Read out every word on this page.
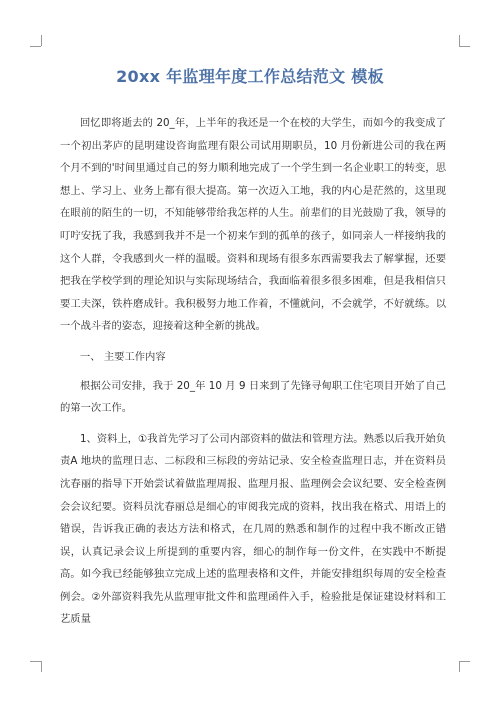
20xx 年监理年度工作总结范文 模板

回忆即将逝去的 20_年，上半年的我还是一个在校的大学生，而如今的我变成了一个初出茅庐的昆明建设咨询监理有限公司试用期职员，10 月份新进公司的我在两个月不到的'时间里通过自己的努力顺利地完成了一个学生到一名企业职工的转变，思想上、学习上、业务上都有很大提高。第一次迈入工地，我的内心是茫然的，这里现在眼前的陌生的一切，不知能够带给我怎样的人生。前辈们的目光鼓励了我，领导的叮咛安抚了我，我感到我并不是一个初来乍到的孤单的孩子，如同亲人一样接纳我的这个人群，令我感到火一样的温暖。资料和现场有很多东西需要我去了解掌握，还要把我在学校学到的理论知识与实际现场结合，我面临着很多很多困难，但是我相信只要工夫深，铁杵磨成针。我积极努力地工作着，不懂就问，不会就学，不好就练。以一个战斗者的姿态，迎接着这种全新的挑战。

一、 主要工作内容

根据公司安排，我于 20_年 10 月 9 日来到了先锋寻甸职工住宅项目开始了自己的第一次工作。

1、资料上，①我首先学习了公司内部资料的做法和管理方法。熟悉以后我开始负责A 地块的监理日志、二标段和三标段的旁站记录、安全检查监理日志，并在资料员沈春丽的指导下开始尝试着做监理周报、监理月报、监理例会会议纪要、安全检查例会会议纪要。资料员沈春丽总是细心的审阅我完成的资料，找出我在格式、用语上的错误，告诉我正确的表达方法和格式，在几周的熟悉和制作的过程中我不断改正错误，认真记录会议上所提到的重要内容，细心的制作每一份文件，在实践中不断提高。如今我已经能够独立完成上述的监理表格和文件，并能安排组织每周的安全检查例会。②外部资料我先从监理审批文件和监理函件入手，检验批是保证建设材料和工艺质量
